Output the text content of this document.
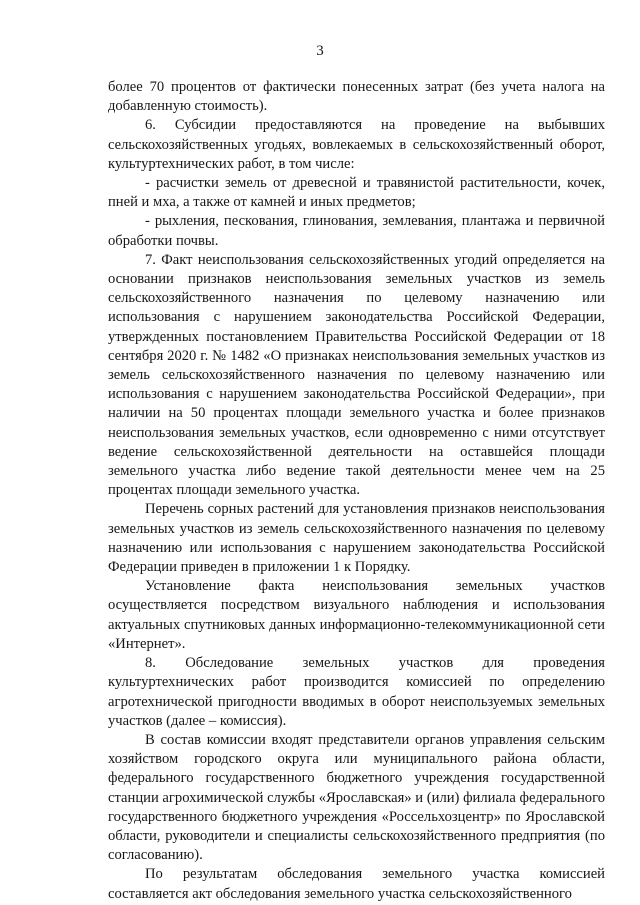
3

более 70 процентов от фактически понесенных затрат (без учета налога на добавленную стоимость).

6. Субсидии предоставляются на проведение на выбывших сельскохозяйственных угодьях, вовлекаемых в сельскохозяйственный оборот, культуртехнических работ, в том числе:

- расчистки земель от древесной и травянистой растительности, кочек, пней и мха, а также от камней и иных предметов;

- рыхления, пескования, глинования, землевания, плантажа и первичной обработки почвы.

7. Факт неиспользования сельскохозяйственных угодий определяется на основании признаков неиспользования земельных участков из земель сельскохозяйственного назначения по целевому назначению или использования с нарушением законодательства Российской Федерации, утвержденных постановлением Правительства Российской Федерации от 18 сентября 2020 г. № 1482 «О признаках неиспользования земельных участков из земель сельскохозяйственного назначения по целевому назначению или использования с нарушением законодательства Российской Федерации», при наличии на 50 процентах площади земельного участка и более признаков неиспользования земельных участков, если одновременно с ними отсутствует ведение сельскохозяйственной деятельности на оставшейся площади земельного участка либо ведение такой деятельности менее чем на 25 процентах площади земельного участка.

Перечень сорных растений для установления признаков неиспользования земельных участков из земель сельскохозяйственного назначения по целевому назначению или использования с нарушением законодательства Российской Федерации приведен в приложении 1 к Порядку.

Установление факта неиспользования земельных участков осуществляется посредством визуального наблюдения и использования актуальных спутниковых данных информационно-телекоммуникационной сети «Интернет».

8. Обследование земельных участков для проведения культуртехнических работ производится комиссией по определению агротехнической пригодности вводимых в оборот неиспользуемых земельных участков (далее – комиссия).

В состав комиссии входят представители органов управления сельским хозяйством городского округа или муниципального района области, федерального государственного бюджетного учреждения государственной станции агрохимической службы «Ярославская» и (или) филиала федерального государственного бюджетного учреждения «Россельхозцентр» по Ярославской области, руководители и специалисты сельскохозяйственного предприятия (по согласованию).

По результатам обследования земельного участка комиссией составляется акт обследования земельного участка сельскохозяйственного
